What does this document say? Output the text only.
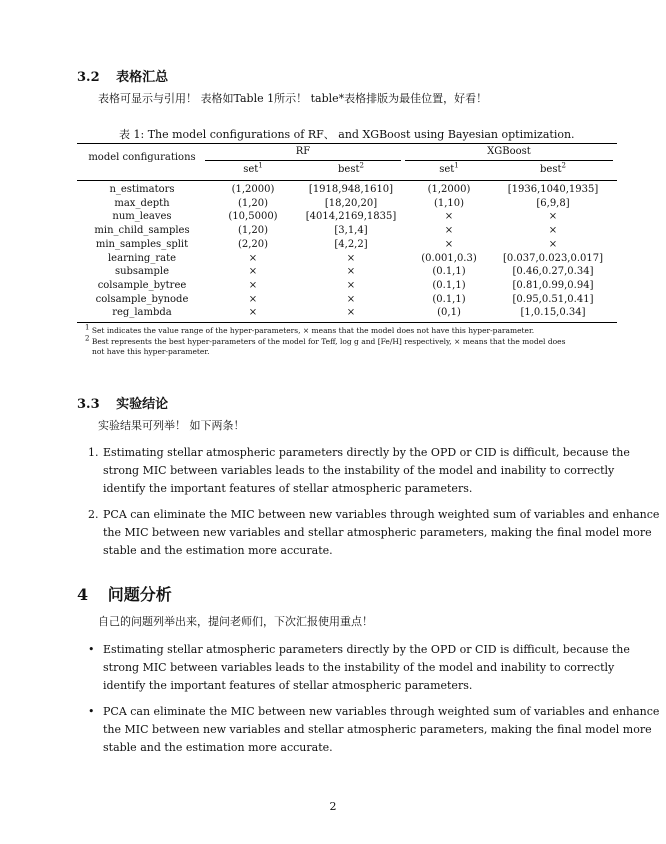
3.2 表格汇总
表格可显示与引用！ 表格如Table 1所示！ table*表格排版为最佳位置，好看！
表 1: The model configurations of RF、 and XGBoost using Bayesian optimization.
model configurations
RF	XGBoost
set$^1$	best$^2$	set$^1$	best$^2$
n_estimators	(1,2000)	[1918,948,1610]	(1,2000)	[1936,1040,1935]
max_depth	(1,20)	[18,20,20]	(1,10)	[6,9,8]
num_leaves	(10,5000)	[4014,2169,1835]	×	×
min_child_samples	(1,20)	[3,1,4]	×	×
min_samples_split	(2,20)	[4,2,2]	×	×
learning_rate	×	×	(0.001,0.3)	[0.037,0.023,0.017]
subsample	×	×	(0.1,1)	[0.46,0.27,0.34]
colsample_bytree	×	×	(0.1,1)	[0.81,0.99,0.94]
colsample_bynode	×	×	(0.1,1)	[0.95,0.51,0.41]
reg_lambda	×	×	(0,1)	[1,0.15,0.34]
$^1$ Set indicates the value range of the hyper-parameters, × means that the model does not have this hyper-parameter.
$^2$ Best represents the best hyper-parameters of the model for Teff, log g and [Fe/H] respectively, × means that the model does
not have this hyper-parameter.
3.3 实验结论
实验结果可列举！ 如下两条！
1. Estimating stellar atmospheric parameters directly by the OPD or CID is difficult, because the
strong MIC between variables leads to the instability of the model and inability to correctly
identify the important features of stellar atmospheric parameters.
2. PCA can eliminate the MIC between new variables through weighted sum of variables and enhance
the MIC between new variables and stellar atmospheric parameters, making the final model more
stable and the estimation more accurate.
4 问题分析
自己的问题列举出来，提问老师们，下次汇报使用重点！
• Estimating stellar atmospheric parameters directly by the OPD or CID is difficult, because the
strong MIC between variables leads to the instability of the model and inability to correctly
identify the important features of stellar atmospheric parameters.
• PCA can eliminate the MIC between new variables through weighted sum of variables and enhance
the MIC between new variables and stellar atmospheric parameters, making the final model more
stable and the estimation more accurate.
2
